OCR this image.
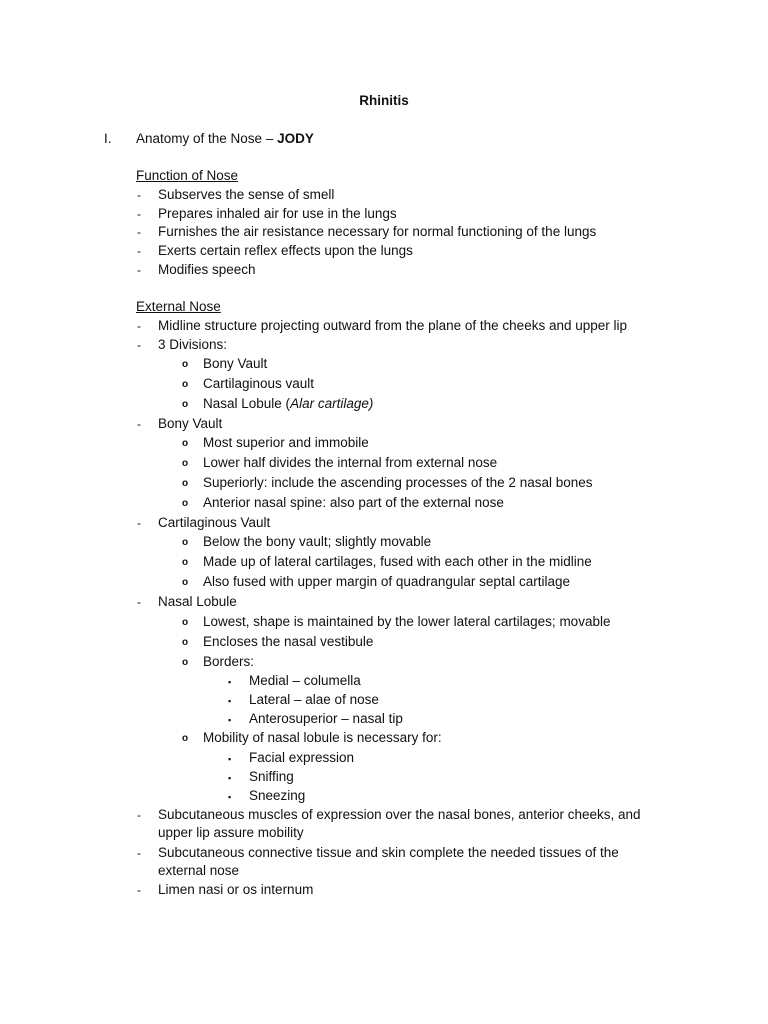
Rhinitis
I. Anatomy of the Nose – JODY
Function of Nose
- Subserves the sense of smell
- Prepares inhaled air for use in the lungs
- Furnishes the air resistance necessary for normal functioning of the lungs
- Exerts certain reflex effects upon the lungs
- Modifies speech
External Nose
- Midline structure projecting outward from the plane of the cheeks and upper lip
- 3 Divisions:
o Bony Vault
o Cartilaginous vault
o Nasal Lobule (Alar cartilage)
- Bony Vault
o Most superior and immobile
o Lower half divides the internal from external nose
o Superiorly: include the ascending processes of the 2 nasal bones
o Anterior nasal spine: also part of the external nose
- Cartilaginous Vault
o Below the bony vault; slightly movable
o Made up of lateral cartilages, fused with each other in the midline
o Also fused with upper margin of quadrangular septal cartilage
- Nasal Lobule
o Lowest, shape is maintained by the lower lateral cartilages; movable
o Encloses the nasal vestibule
o Borders:
▪ Medial – columella
▪ Lateral – alae of nose
▪ Anterosuperior – nasal tip
o Mobility of nasal lobule is necessary for:
▪ Facial expression
▪ Sniffing
▪ Sneezing
- Subcutaneous muscles of expression over the nasal bones, anterior cheeks, and
upper lip assure mobility
- Subcutaneous connective tissue and skin complete the needed tissues of the
external nose
- Limen nasi or os internum
